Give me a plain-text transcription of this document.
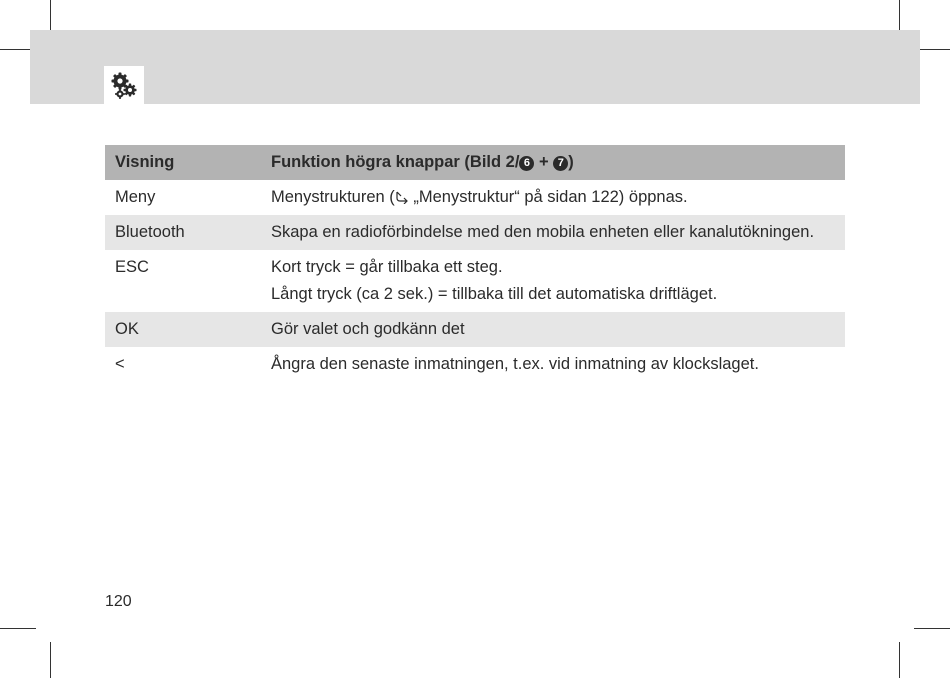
Visning	Funktion högra knappar (Bild 2/ 6 + 7 )
Meny	Menystrukturen ( „Menystruktur“ på sidan 122) öppnas.
Bluetooth	Skapa en radioförbindelse med den mobila enheten eller kanalutökningen.
ESC	Kort tryck = går tillbaka ett steg.
Långt tryck (ca 2 sek.) = tillbaka till det automatiska driftläget.

OK	Gör valet och godkänn det
<	Ångra den senaste inmatningen, t.ex. vid inmatning av klockslaget.
120
